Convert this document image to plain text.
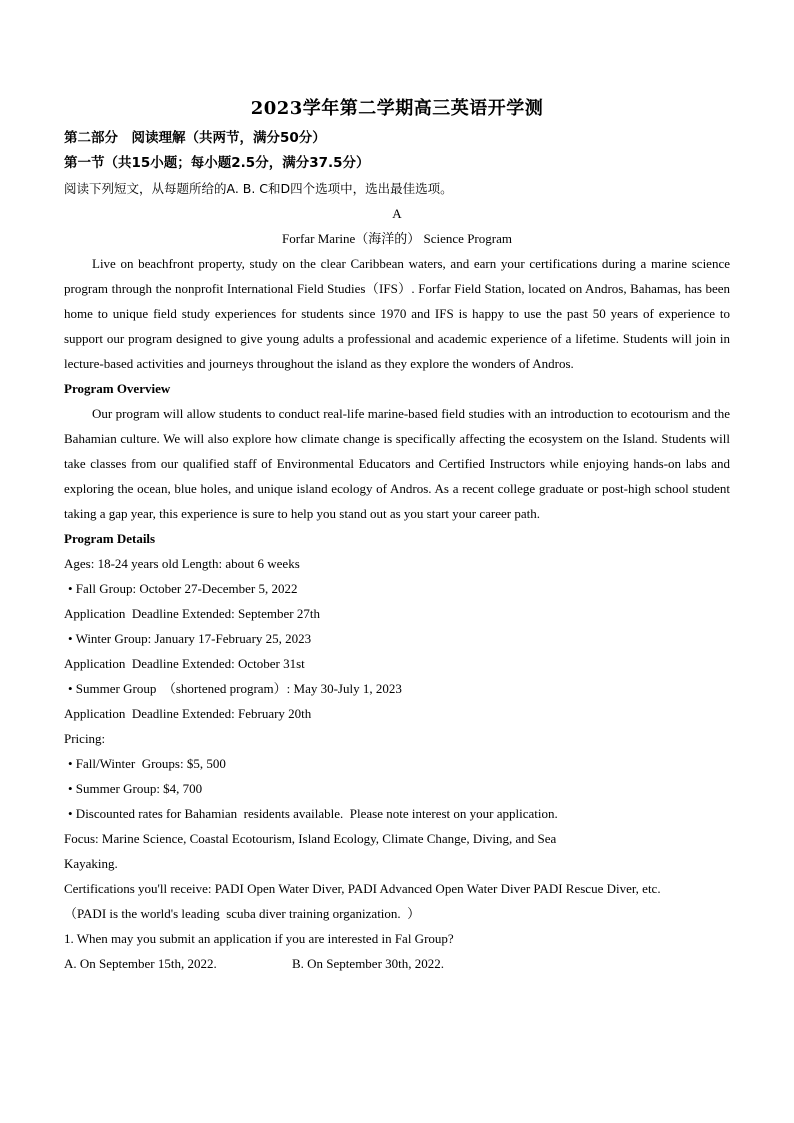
2023学年第二学期高三英语开学测

第二部分　阅读理解（共两节，满分50分）

第一节（共15小题；每小题2.5分，满分37.5分）

阅读下列短文，从每题所给的A. B. C和D四个选项中，选出最佳选项。

A

Forfar Marine（海洋的） Science Program

Live on beachfront property, study on the clear Caribbean waters, and earn your certifications during a marine science program through the nonprofit International Field Studies（IFS）. Forfar Field Station, located on Andros, Bahamas, has been home to unique field study experiences for students since 1970 and IFS is happy to use the past 50 years of experience to support our program designed to give young adults a professional and academic experience of a lifetime. Students will join in lecture-based activities and journeys throughout the island as they explore the wonders of Andros.

Program Overview

Our program will allow students to conduct real-life marine-based field studies with an introduction to ecotourism and the Bahamian culture. We will also explore how climate change is specifically affecting the ecosystem on the Island. Students will take classes from our qualified staff of Environmental Educators and Certified Instructors while enjoying hands-on labs and exploring the ocean, blue holes, and unique island ecology of Andros. As a recent college graduate or post-high school student taking a gap year, this experience is sure to help you stand out as you start your career path.

Program Details

Ages: 18-24 years old Length: about 6 weeks

• Fall Group: October 27-December 5, 2022

Application  Deadline Extended: September 27th

• Winter Group: January 17-February 25, 2023

Application  Deadline Extended: October 31st

• Summer Group  （shortened program）: May 30-July 1, 2023

Application  Deadline Extended: February 20th

Pricing:

• Fall/Winter  Groups: $5, 500

• Summer Group: $4, 700

• Discounted rates for Bahamian  residents available.  Please note interest on your application.

Focus: Marine Science, Coastal Ecotourism, Island Ecology, Climate Change, Diving, and Sea

Kayaking.

Certifications you'll receive: PADI Open Water Diver, PADI Advanced Open Water Diver PADI Rescue Diver, etc.

（PADI is the world's leading  scuba diver training organization.  ）

1. When may you submit an application if you are interested in Fal Group?

A. On September 15th, 2022.	B. On September 30th, 2022.
